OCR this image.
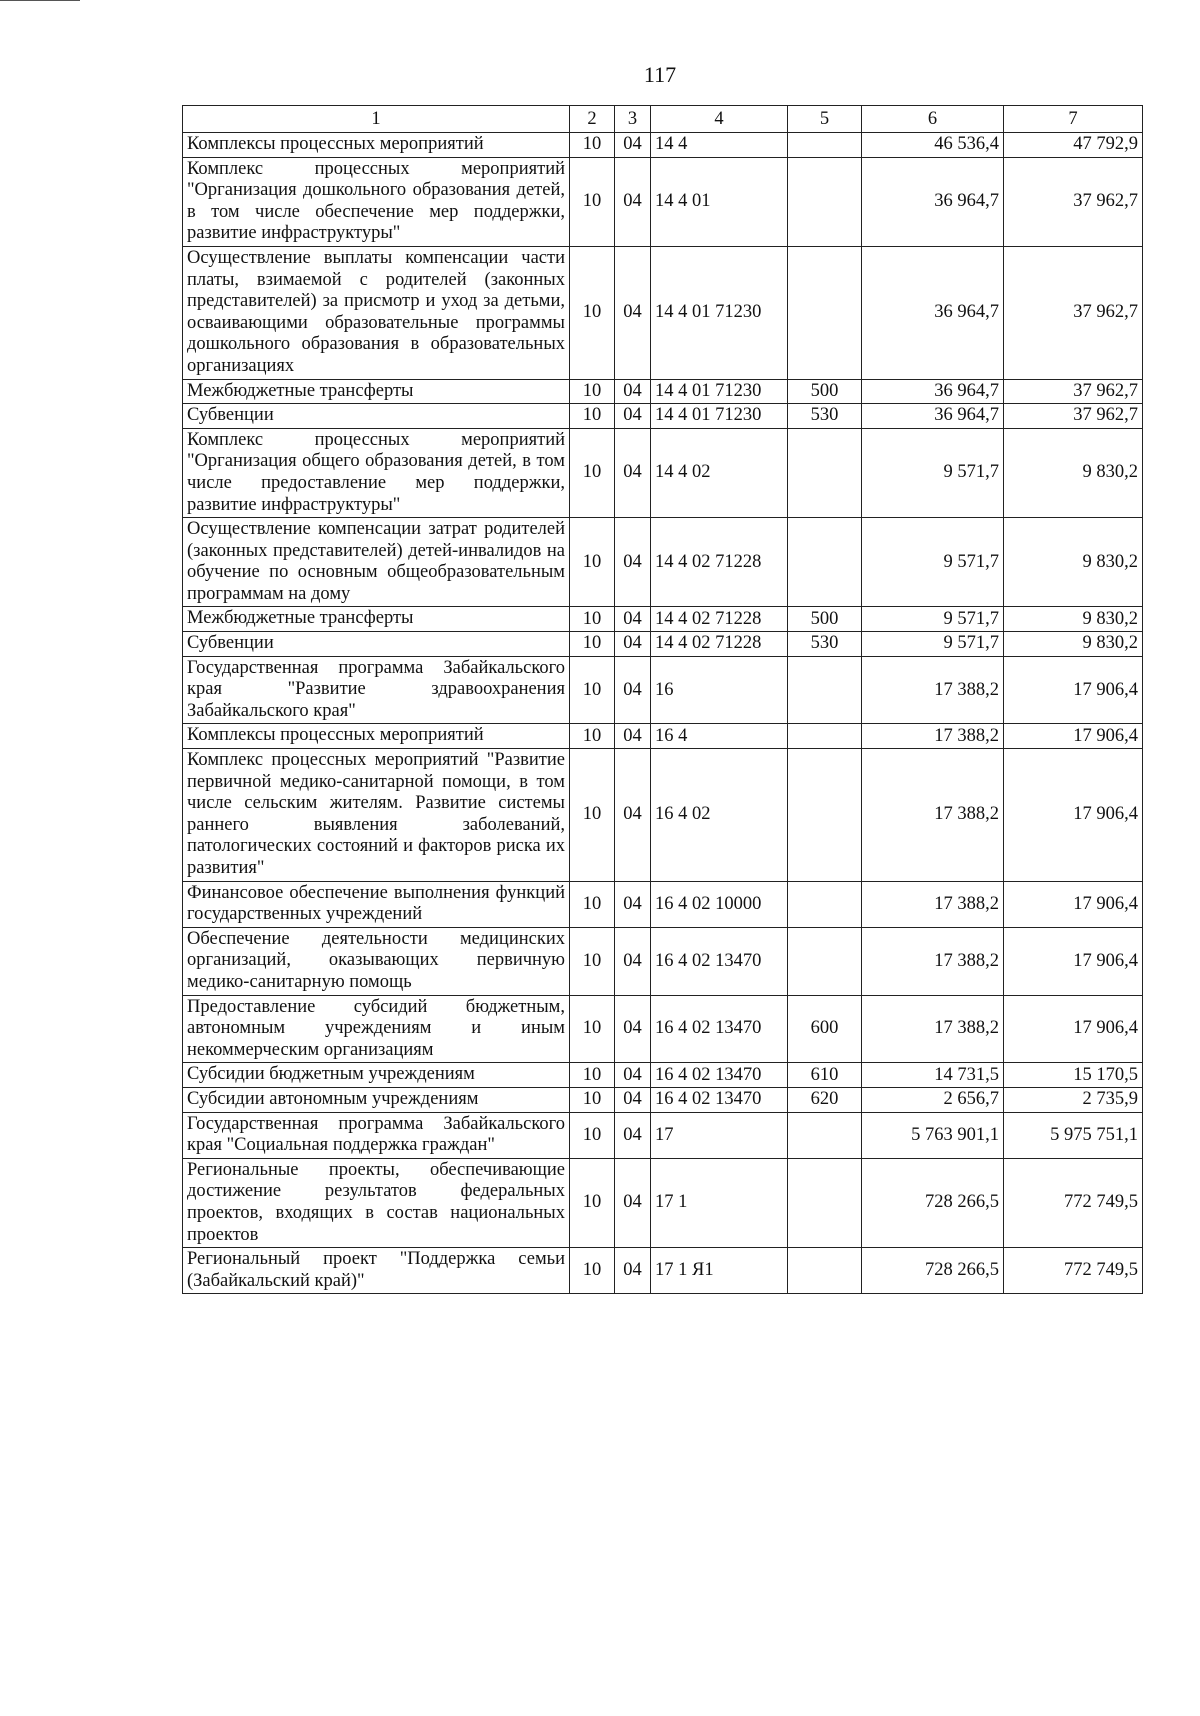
117
1	2	3	4	5	6	7
Комплексы процессных мероприятий	10	04	14 4		46 536,4	47 792,9
Комплекс процессных мероприятий "Организация дошкольного образования детей, в том числе обеспечение мер поддержки, развитие инфраструктуры"	10	04	14 4 01		36 964,7	37 962,7
Осуществление выплаты компенсации части платы, взимаемой с родителей (законных представителей) за присмотр и уход за детьми, осваивающими образовательные программы дошкольного образования в образовательных организациях	10	04	14 4 01 71230		36 964,7	37 962,7
Межбюджетные трансферты	10	04	14 4 01 71230	500	36 964,7	37 962,7
Субвенции	10	04	14 4 01 71230	530	36 964,7	37 962,7
Комплекс процессных мероприятий "Организация общего образования детей, в том числе предоставление мер поддержки, развитие инфраструктуры"	10	04	14 4 02		9 571,7	9 830,2
Осуществление компенсации затрат родителей (законных представителей) детей-инвалидов на обучение по основным общеобразовательным программам на дому	10	04	14 4 02 71228		9 571,7	9 830,2
Межбюджетные трансферты	10	04	14 4 02 71228	500	9 571,7	9 830,2
Субвенции	10	04	14 4 02 71228	530	9 571,7	9 830,2
Государственная программа Забайкальского края "Развитие здравоохранения Забайкальского края"	10	04	16		17 388,2	17 906,4
Комплексы процессных мероприятий	10	04	16 4		17 388,2	17 906,4
Комплекс процессных мероприятий "Развитие первичной медико-санитарной помощи, в том числе сельским жителям. Развитие системы раннего выявления заболеваний, патологических состояний и факторов риска их развития"	10	04	16 4 02		17 388,2	17 906,4
Финансовое обеспечение выполнения функций государственных учреждений	10	04	16 4 02 10000		17 388,2	17 906,4
Обеспечение деятельности медицинских организаций, оказывающих первичную медико-санитарную помощь	10	04	16 4 02 13470		17 388,2	17 906,4
Предоставление субсидий бюджетным, автономным учреждениям и иным некоммерческим организациям	10	04	16 4 02 13470	600	17 388,2	17 906,4
Субсидии бюджетным учреждениям	10	04	16 4 02 13470	610	14 731,5	15 170,5
Субсидии автономным учреждениям	10	04	16 4 02 13470	620	2 656,7	2 735,9
Государственная программа Забайкальского края "Социальная поддержка граждан"	10	04	17		5 763 901,1	5 975 751,1
Региональные проекты, обеспечивающие достижение результатов федеральных проектов, входящих в состав национальных проектов	10	04	17 1		728 266,5	772 749,5
Региональный проект "Поддержка семьи (Забайкальский край)"	10	04	17 1 Я1		728 266,5	772 749,5
